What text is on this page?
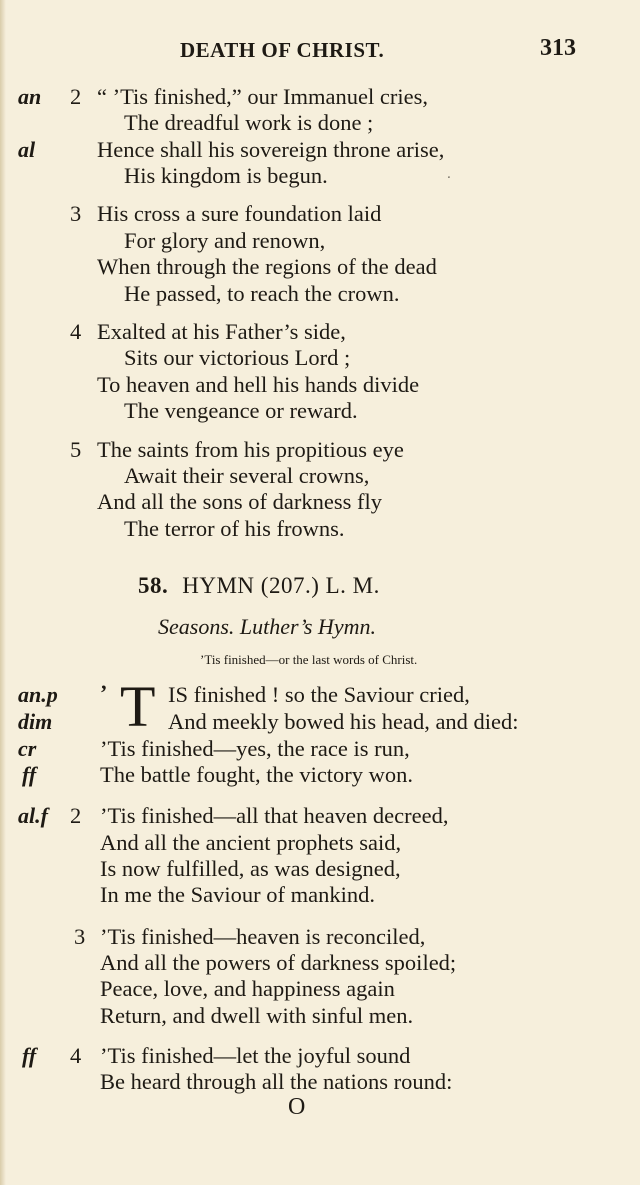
DEATH OF CHRIST.	313
an 2 “ ’Tis finished,” our Immanuel cries,
The dreadful work is done ;
al	Hence shall his sovereign throne arise,
His kingdom is begun.	ˑ
3 His cross a sure foundation laid
For glory and renown,
When through the regions of the dead
He passed, to reach the crown.
4 Exalted at his Father’s side,
Sits our victorious Lord ;
To heaven and hell his hands divide
The vengeance or reward.
5 The saints from his propitious eye
Await their several crowns,
And all the sons of darkness fly
The terror of his frowns.
58. HYMN (207.) L. M.
Seasons. Luther’s Hymn.
’Tis finished—or the last words of Christ.
an.p ’ T IS finished ! so the Saviour cried,
dim	And meekly bowed his head, and died:
cr	’Tis finished—yes, the race is run,
ff	The battle fought, the victory won.
al.f 2 ’Tis finished—all that heaven decreed,
And all the ancient prophets said,
Is now fulfilled, as was designed,
In me the Saviour of mankind.
3 ’Tis finished—heaven is reconciled,
And all the powers of darkness spoiled;
Peace, love, and happiness again
Return, and dwell with sinful men.
ff 4 ’Tis finished—let the joyful sound
Be heard through all the nations round:
O
